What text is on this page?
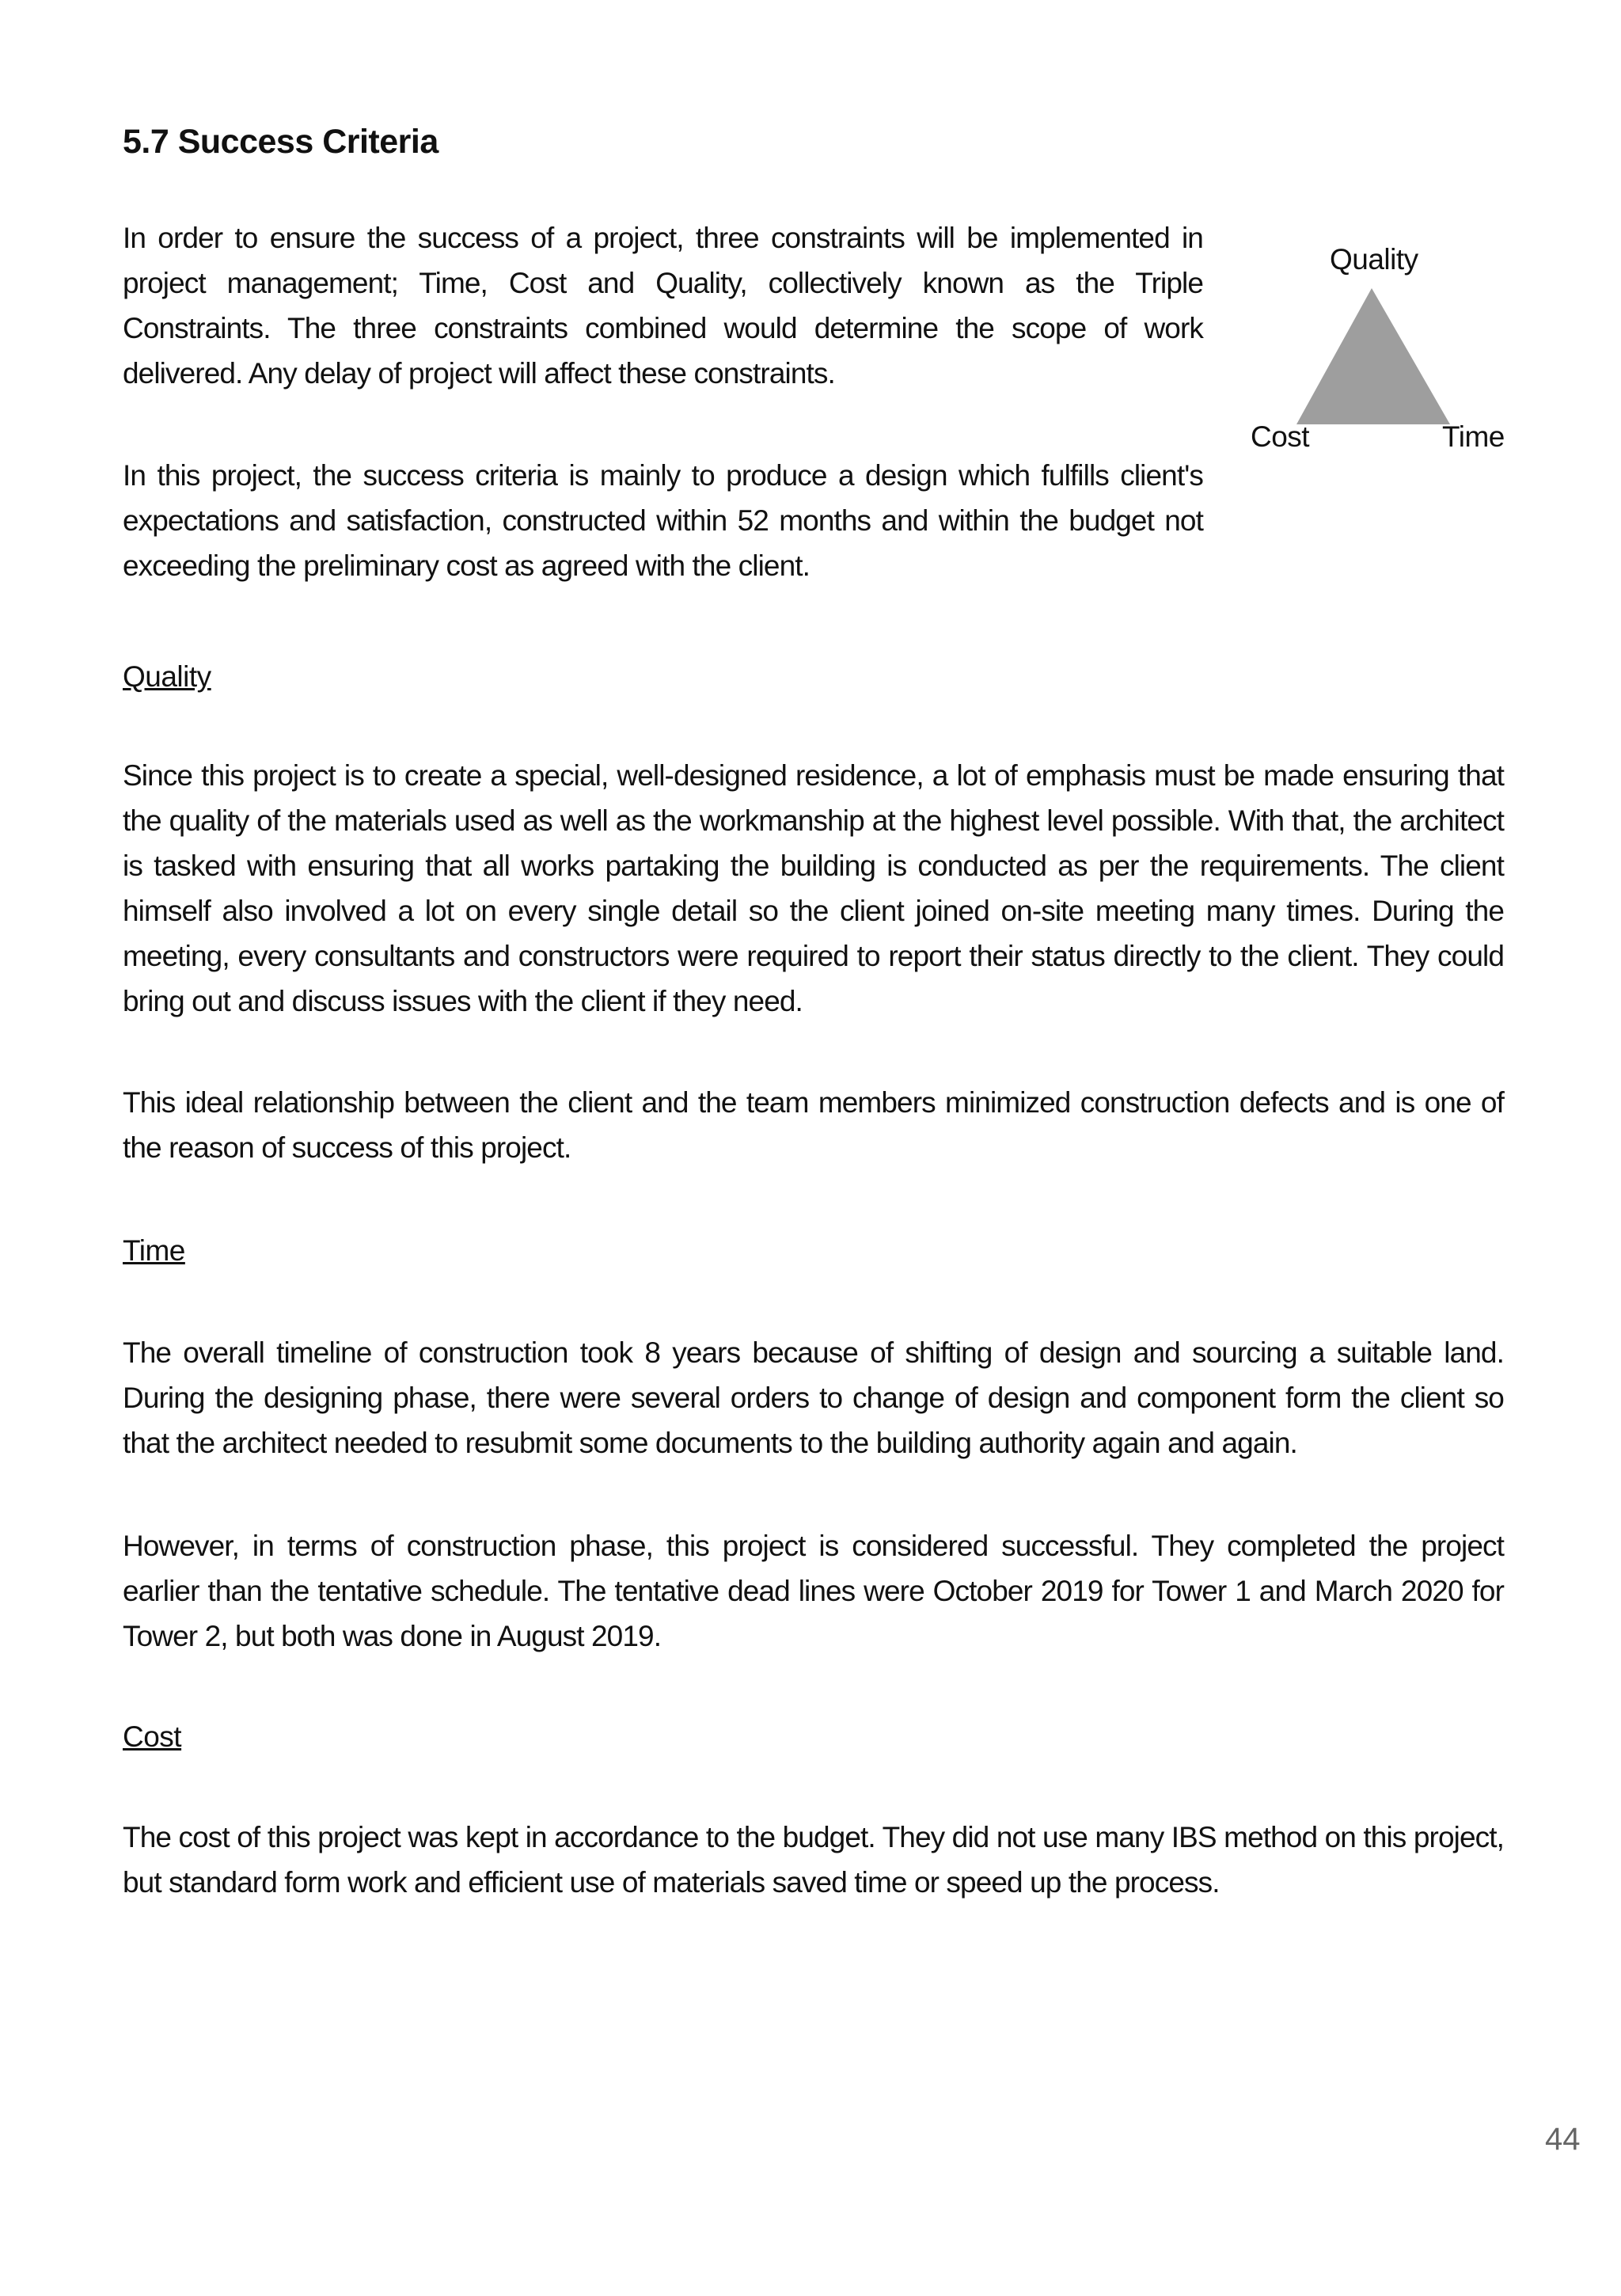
5.7 Success Criteria

In order to ensure the success of a project, three constraints will be implemented in project management; Time, Cost and Quality, collectively known as the Triple Constraints. The three constraints combined would determine the scope of work delivered. Any delay of project will affect these constraints.

Quality
Cost	Time

In this project, the success criteria is mainly to produce a design which fulfills client's expectations and satisfaction, constructed within 52 months and within the budget not exceeding the preliminary cost as agreed with the client.

Quality

Since this project is to create a special, well-designed residence, a lot of emphasis must be made ensuring that the quality of the materials used as well as the workmanship at the highest level possible. With that, the architect is tasked with ensuring that all works partaking the building is conducted as per the requirements. The client himself also involved a lot on every single detail so the client joined on-site meeting many times. During the meeting, every consultants and constructors were required to report their status directly to the client. They could bring out and discuss issues with the client if they need.

This ideal relationship between the client and the team members minimized construction defects and is one of the reason of success of this project.

Time

The overall timeline of construction took 8 years because of shifting of design and sourcing a suitable land. During the designing phase, there were several orders to change of design and component form the client so that the architect needed to resubmit some documents to the building authority again and again.

However, in terms of construction phase, this project is considered successful. They completed the project earlier than the tentative schedule. The tentative dead lines were October 2019 for Tower 1 and March 2020 for Tower 2, but both was done in August 2019.

Cost

The cost of this project was kept in accordance to the budget. They did not use many IBS method on this project, but standard form work and efficient use of materials saved time or speed up the process.

44
